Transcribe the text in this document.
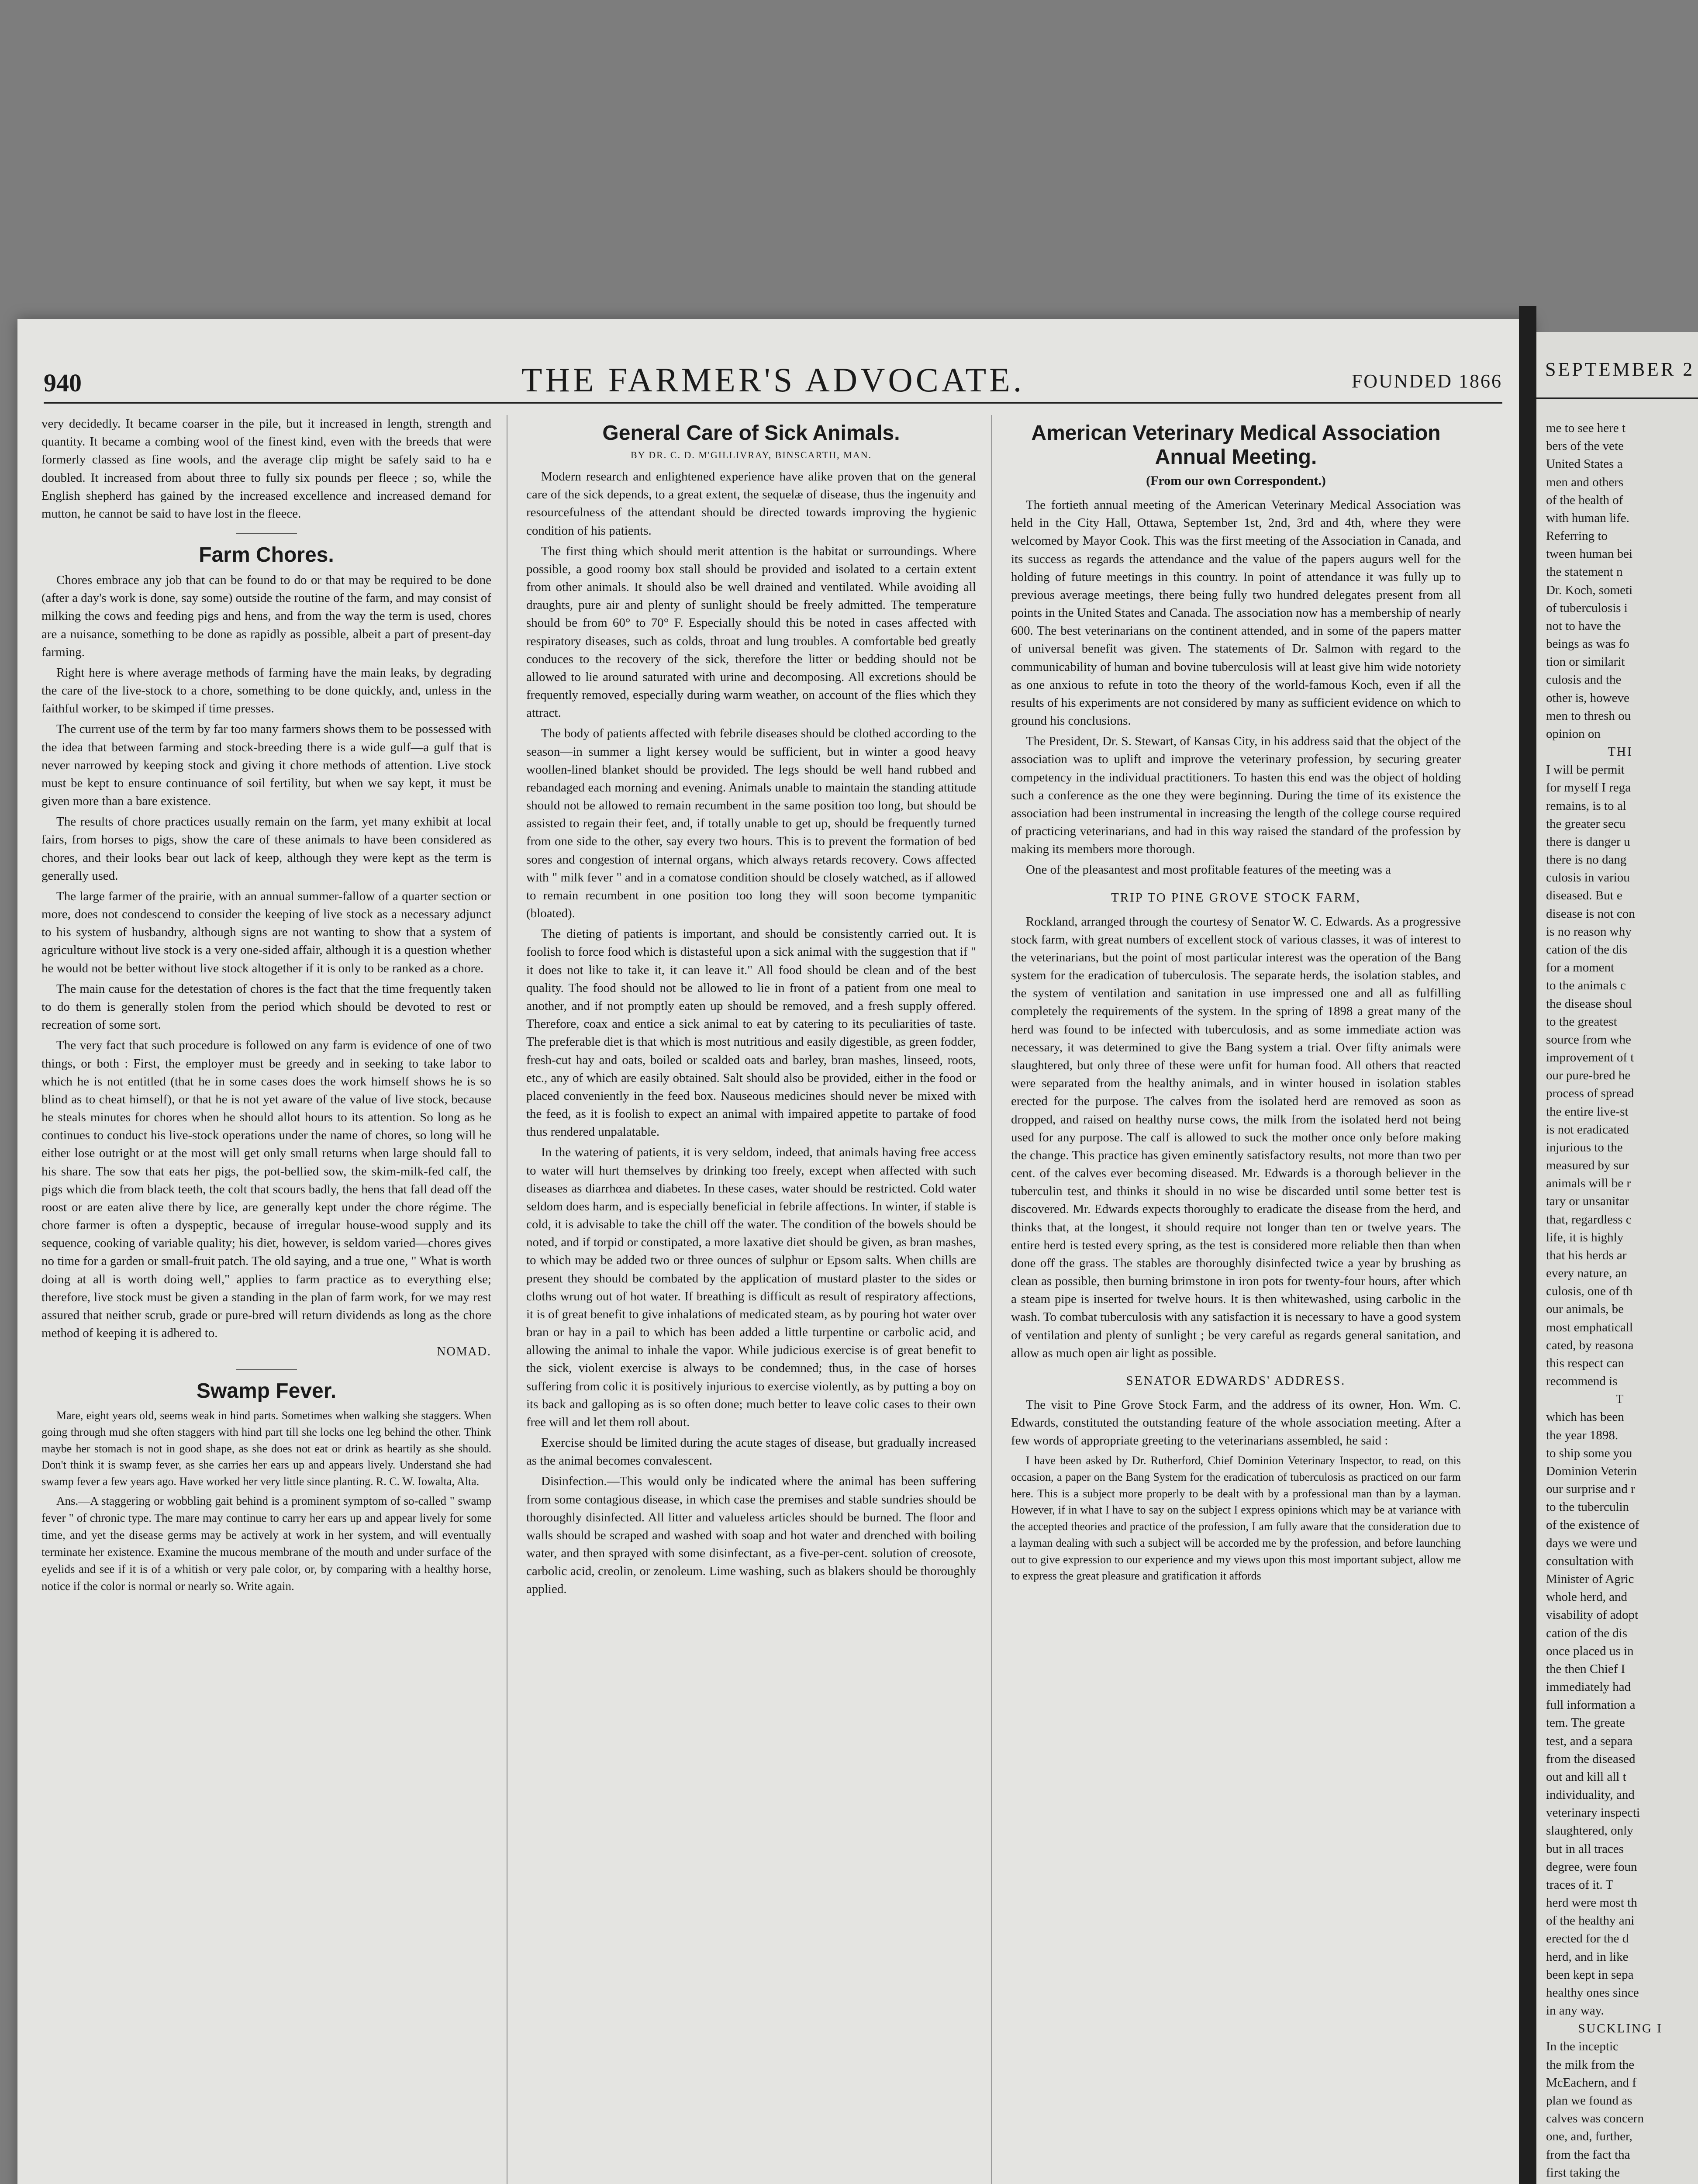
940	THE FARMER'S ADVOCATE.	FOUNDED 1866

very decidedly. It became coarser in the pile, but it increased in length, strength and quantity. It became a combing wool of the finest kind, even with the breeds that were formerly classed as fine wools, and the average clip might be safely said to ha e doubled. It increased from about three to fully six pounds per fleece ; so, while the English shepherd has gained by the increased excellence and increased demand for mutton, he cannot be said to have lost in the fleece.

Farm Chores.

Chores embrace any job that can be found to do or that may be required to be done (after a day's work is done, say some) outside the routine of the farm, and may consist of milking the cows and feeding pigs and hens, and from the way the term is used, chores are a nuisance, something to be done as rapidly as possible, albeit a part of present-day farming.

Right here is where average methods of farming have the main leaks, by degrading the care of the live-stock to a chore, something to be done quickly, and, unless in the faithful worker, to be skimped if time presses.

The current use of the term by far too many farmers shows them to be possessed with the idea that between farming and stock-breeding there is a wide gulf—a gulf that is never narrowed by keeping stock and giving it chore methods of attention. Live stock must be kept to ensure continuance of soil fertility, but when we say kept, it must be given more than a bare existence.

The results of chore practices usually remain on the farm, yet many exhibit at local fairs, from horses to pigs, show the care of these animals to have been considered as chores, and their looks bear out lack of keep, although they were kept as the term is generally used.

The large farmer of the prairie, with an annual summer-fallow of a quarter section or more, does not condescend to consider the keeping of live stock as a necessary adjunct to his system of husbandry, although signs are not wanting to show that a system of agriculture without live stock is a very one-sided affair, although it is a question whether he would not be better without live stock altogether if it is only to be ranked as a chore.

The main cause for the detestation of chores is the fact that the time frequently taken to do them is generally stolen from the period which should be devoted to rest or recreation of some sort.

The very fact that such procedure is followed on any farm is evidence of one of two things, or both : First, the employer must be greedy and in seeking to take labor to which he is not entitled (that he in some cases does the work himself shows he is so blind as to cheat himself), or that he is not yet aware of the value of live stock, because he steals minutes for chores when he should allot hours to its attention. So long as he continues to conduct his live-stock operations under the name of chores, so long will he either lose outright or at the most will get only small returns when large should fall to his share. The sow that eats her pigs, the pot-bellied sow, the skim-milk-fed calf, the pigs which die from black teeth, the colt that scours badly, the hens that fall dead off the roost or are eaten alive there by lice, are generally kept under the chore régime. The chore farmer is often a dyspeptic, because of irregular house-wood supply and its sequence, cooking of variable quality; his diet, however, is seldom varied—chores gives no time for a garden or small-fruit patch. The old saying, and a true one, " What is worth doing at all is worth doing well," applies to farm practice as to everything else; therefore, live stock must be given a standing in the plan of farm work, for we may rest assured that neither scrub, grade or pure-bred will return dividends as long as the chore method of keeping it is adhered to.

NOMAD.
Swamp Fever.

Mare, eight years old, seems weak in hind parts. Sometimes when walking she staggers. When going through mud she often staggers with hind part till she locks one leg behind the other. Think maybe her stomach is not in good shape, as she does not eat or drink as heartily as she should. Don't think it is swamp fever, as she carries her ears up and appears lively. Understand she had swamp fever a few years ago. Have worked her very little since planting. R. C. W. Iowalta, Alta.

Ans.—A staggering or wobbling gait behind is a prominent symptom of so-called " swamp fever " of chronic type. The mare may continue to carry her ears up and appear lively for some time, and yet the disease germs may be actively at work in her system, and will eventually terminate her existence. Examine the mucous membrane of the mouth and under surface of the eyelids and see if it is of a whitish or very pale color, or, by comparing with a healthy horse, notice if the color is normal or nearly so. Write again.

General Care of Sick Animals.
BY DR. C. D. M'GILLIVRAY, BINSCARTH, MAN.

Modern research and enlightened experience have alike proven that on the general care of the sick depends, to a great extent, the sequelæ of disease, thus the ingenuity and resourcefulness of the attendant should be directed towards improving the hygienic condition of his patients.

The first thing which should merit attention is the habitat or surroundings. Where possible, a good roomy box stall should be provided and isolated to a certain extent from other animals. It should also be well drained and ventilated. While avoiding all draughts, pure air and plenty of sunlight should be freely admitted. The temperature should be from 60° to 70° F. Especially should this be noted in cases affected with respiratory diseases, such as colds, throat and lung troubles. A comfortable bed greatly conduces to the recovery of the sick, therefore the litter or bedding should not be allowed to lie around saturated with urine and decomposing. All excretions should be frequently removed, especially during warm weather, on account of the flies which they attract.

The body of patients affected with febrile diseases should be clothed according to the season—in summer a light kersey would be sufficient, but in winter a good heavy woollen-lined blanket should be provided. The legs should be well hand rubbed and rebandaged each morning and evening. Animals unable to maintain the standing attitude should not be allowed to remain recumbent in the same position too long, but should be assisted to regain their feet, and, if totally unable to get up, should be frequently turned from one side to the other, say every two hours. This is to prevent the formation of bed sores and congestion of internal organs, which always retards recovery. Cows affected with " milk fever " and in a comatose condition should be closely watched, as if allowed to remain recumbent in one position too long they will soon become tympanitic (bloated).

The dieting of patients is important, and should be consistently carried out. It is foolish to force food which is distasteful upon a sick animal with the suggestion that if " it does not like to take it, it can leave it." All food should be clean and of the best quality. The food should not be allowed to lie in front of a patient from one meal to another, and if not promptly eaten up should be removed, and a fresh supply offered. Therefore, coax and entice a sick animal to eat by catering to its peculiarities of taste. The preferable diet is that which is most nutritious and easily digestible, as green fodder, fresh-cut hay and oats, boiled or scalded oats and barley, bran mashes, linseed, roots, etc., any of which are easily obtained. Salt should also be provided, either in the food or placed conveniently in the feed box. Nauseous medicines should never be mixed with the feed, as it is foolish to expect an animal with impaired appetite to partake of food thus rendered unpalatable.

In the watering of patients, it is very seldom, indeed, that animals having free access to water will hurt themselves by drinking too freely, except when affected with such diseases as diarrhœa and diabetes. In these cases, water should be restricted. Cold water seldom does harm, and is especially beneficial in febrile affections. In winter, if stable is cold, it is advisable to take the chill off the water. The condition of the bowels should be noted, and if torpid or constipated, a more laxative diet should be given, as bran mashes, to which may be added two or three ounces of sulphur or Epsom salts. When chills are present they should be combated by the application of mustard plaster to the sides or cloths wrung out of hot water. If breathing is difficult as result of respiratory affections, it is of great benefit to give inhalations of medicated steam, as by pouring hot water over bran or hay in a pail to which has been added a little turpentine or carbolic acid, and allowing the animal to inhale the vapor. While judicious exercise is of great benefit to the sick, violent exercise is always to be condemned; thus, in the case of horses suffering from colic it is positively injurious to exercise violently, as by putting a boy on its back and galloping as is so often done; much better to leave colic cases to their own free will and let them roll about.

Exercise should be limited during the acute stages of disease, but gradually increased as the animal becomes convalescent.

Disinfection.—This would only be indicated where the animal has been suffering from some contagious disease, in which case the premises and stable sundries should be thoroughly disinfected. All litter and valueless articles should be burned. The floor and walls should be scraped and washed with soap and hot water and drenched with boiling water, and then sprayed with some disinfectant, as a five-per-cent. solution of creosote, carbolic acid, creolin, or zenoleum. Lime washing, such as blakers should be thoroughly applied.

American Veterinary Medical Association Annual Meeting.
(From our own Correspondent.)

The fortieth annual meeting of the American Veterinary Medical Association was held in the City Hall, Ottawa, September 1st, 2nd, 3rd and 4th, where they were welcomed by Mayor Cook. This was the first meeting of the Association in Canada, and its success as regards the attendance and the value of the papers augurs well for the holding of future meetings in this country. In point of attendance it was fully up to previous average meetings, there being fully two hundred delegates present from all points in the United States and Canada. The association now has a membership of nearly 600. The best veterinarians on the continent attended, and in some of the papers matter of universal benefit was given. The statements of Dr. Salmon with regard to the communicability of human and bovine tuberculosis will at least give him wide notoriety as one anxious to refute in toto the theory of the world-famous Koch, even if all the results of his experiments are not considered by many as sufficient evidence on which to ground his conclusions.

The President, Dr. S. Stewart, of Kansas City, in his address said that the object of the association was to uplift and improve the veterinary profession, by securing greater competency in the individual practitioners. To hasten this end was the object of holding such a conference as the one they were beginning. During the time of its existence the association had been instrumental in increasing the length of the college course required of practicing veterinarians, and had in this way raised the standard of the profession by making its members more thorough.

One of the pleasantest and most profitable features of the meeting was a

TRIP TO PINE GROVE STOCK FARM,

Rockland, arranged through the courtesy of Senator W. C. Edwards. As a progressive stock farm, with great numbers of excellent stock of various classes, it was of interest to the veterinarians, but the point of most particular interest was the operation of the Bang system for the eradication of tuberculosis. The separate herds, the isolation stables, and the system of ventilation and sanitation in use impressed one and all as fulfilling completely the requirements of the system. In the spring of 1898 a great many of the herd was found to be infected with tuberculosis, and as some immediate action was necessary, it was determined to give the Bang system a trial. Over fifty animals were slaughtered, but only three of these were unfit for human food. All others that reacted were separated from the healthy animals, and in winter housed in isolation stables erected for the purpose. The calves from the isolated herd are removed as soon as dropped, and raised on healthy nurse cows, the milk from the isolated herd not being used for any purpose. The calf is allowed to suck the mother once only before making the change. This practice has given eminently satisfactory results, not more than two per cent. of the calves ever becoming diseased. Mr. Edwards is a thorough believer in the tuberculin test, and thinks it should in no wise be discarded until some better test is discovered. Mr. Edwards expects thoroughly to eradicate the disease from the herd, and thinks that, at the longest, it should require not longer than ten or twelve years. The entire herd is tested every spring, as the test is considered more reliable then than when done off the grass. The stables are thoroughly disinfected twice a year by brushing as clean as possible, then burning brimstone in iron pots for twenty-four hours, after which a steam pipe is inserted for twelve hours. It is then whitewashed, using carbolic in the wash. To combat tuberculosis with any satisfaction it is necessary to have a good system of ventilation and plenty of sunlight ; be very careful as regards general sanitation, and allow as much open air light as possible.

SENATOR EDWARDS' ADDRESS.

The visit to Pine Grove Stock Farm, and the address of its owner, Hon. Wm. C. Edwards, constituted the outstanding feature of the whole association meeting. After a few words of appropriate greeting to the veterinarians assembled, he said :

I have been asked by Dr. Rutherford, Chief Dominion Veterinary Inspector, to read, on this occasion, a paper on the Bang System for the eradication of tuberculosis as practiced on our farm here. This is a subject more properly to be dealt with by a professional man than by a layman. However, if in what I have to say on the subject I express opinions which may be at variance with the accepted theories and practice of the profession, I am fully aware that the consideration due to a layman dealing with such a subject will be accorded me by the profession, and before launching out to give expression to our experience and my views upon this most important subject, allow me to express the great pleasure and gratification it affords

SEPTEMBER 2
me to see here t
bers of the vete
United States a
men and others
of the health of
with human life.
Referring to
tween human bei
the statement n
Dr. Koch, someti
of tuberculosis i
not to have the
beings as was fo
tion or similarit
culosis and the
other is, howeve
men to thresh ou
opinion on
THI
I will be permit
for myself I rega
remains, is to al
the greater secu
there is danger u
there is no dang
culosis in variou
diseased. But e
disease is not con
is no reason why
cation of the dis
for a moment
to the animals c
the disease shoul
to the greatest
source from whe
improvement of t
our pure-bred he
process of spread
the entire live-st
is not eradicated
injurious to the
measured by sur
animals will be r
tary or unsanitar
that, regardless c
life, it is highly
that his herds ar
every nature, an
culosis, one of th
our animals, be
most emphaticall
cated, by reasona
this respect can
recommend is
T
which has been
the year 1898.
to ship some you
Dominion Veterin
our surprise and r
to the tuberculin
of the existence of
days we were und
consultation with
Minister of Agric
whole herd, and
visability of adopt
cation of the dis
once placed us in
the then Chief I
immediately had
full information a
tem. The greate
test, and a separa
from the diseased
out and kill all t
individuality, and
veterinary inspecti
slaughtered, only
but in all traces
degree, were foun
traces of it. T
herd were most th
of the healthy ani
erected for the d
herd, and in like
been kept in sepa
healthy ones since
in any way.
SUCKLING I
In the inceptic
the milk from the
McEachern, and f
plan we found as
calves was concern
one, and, further,
from the fact tha
first taking the
